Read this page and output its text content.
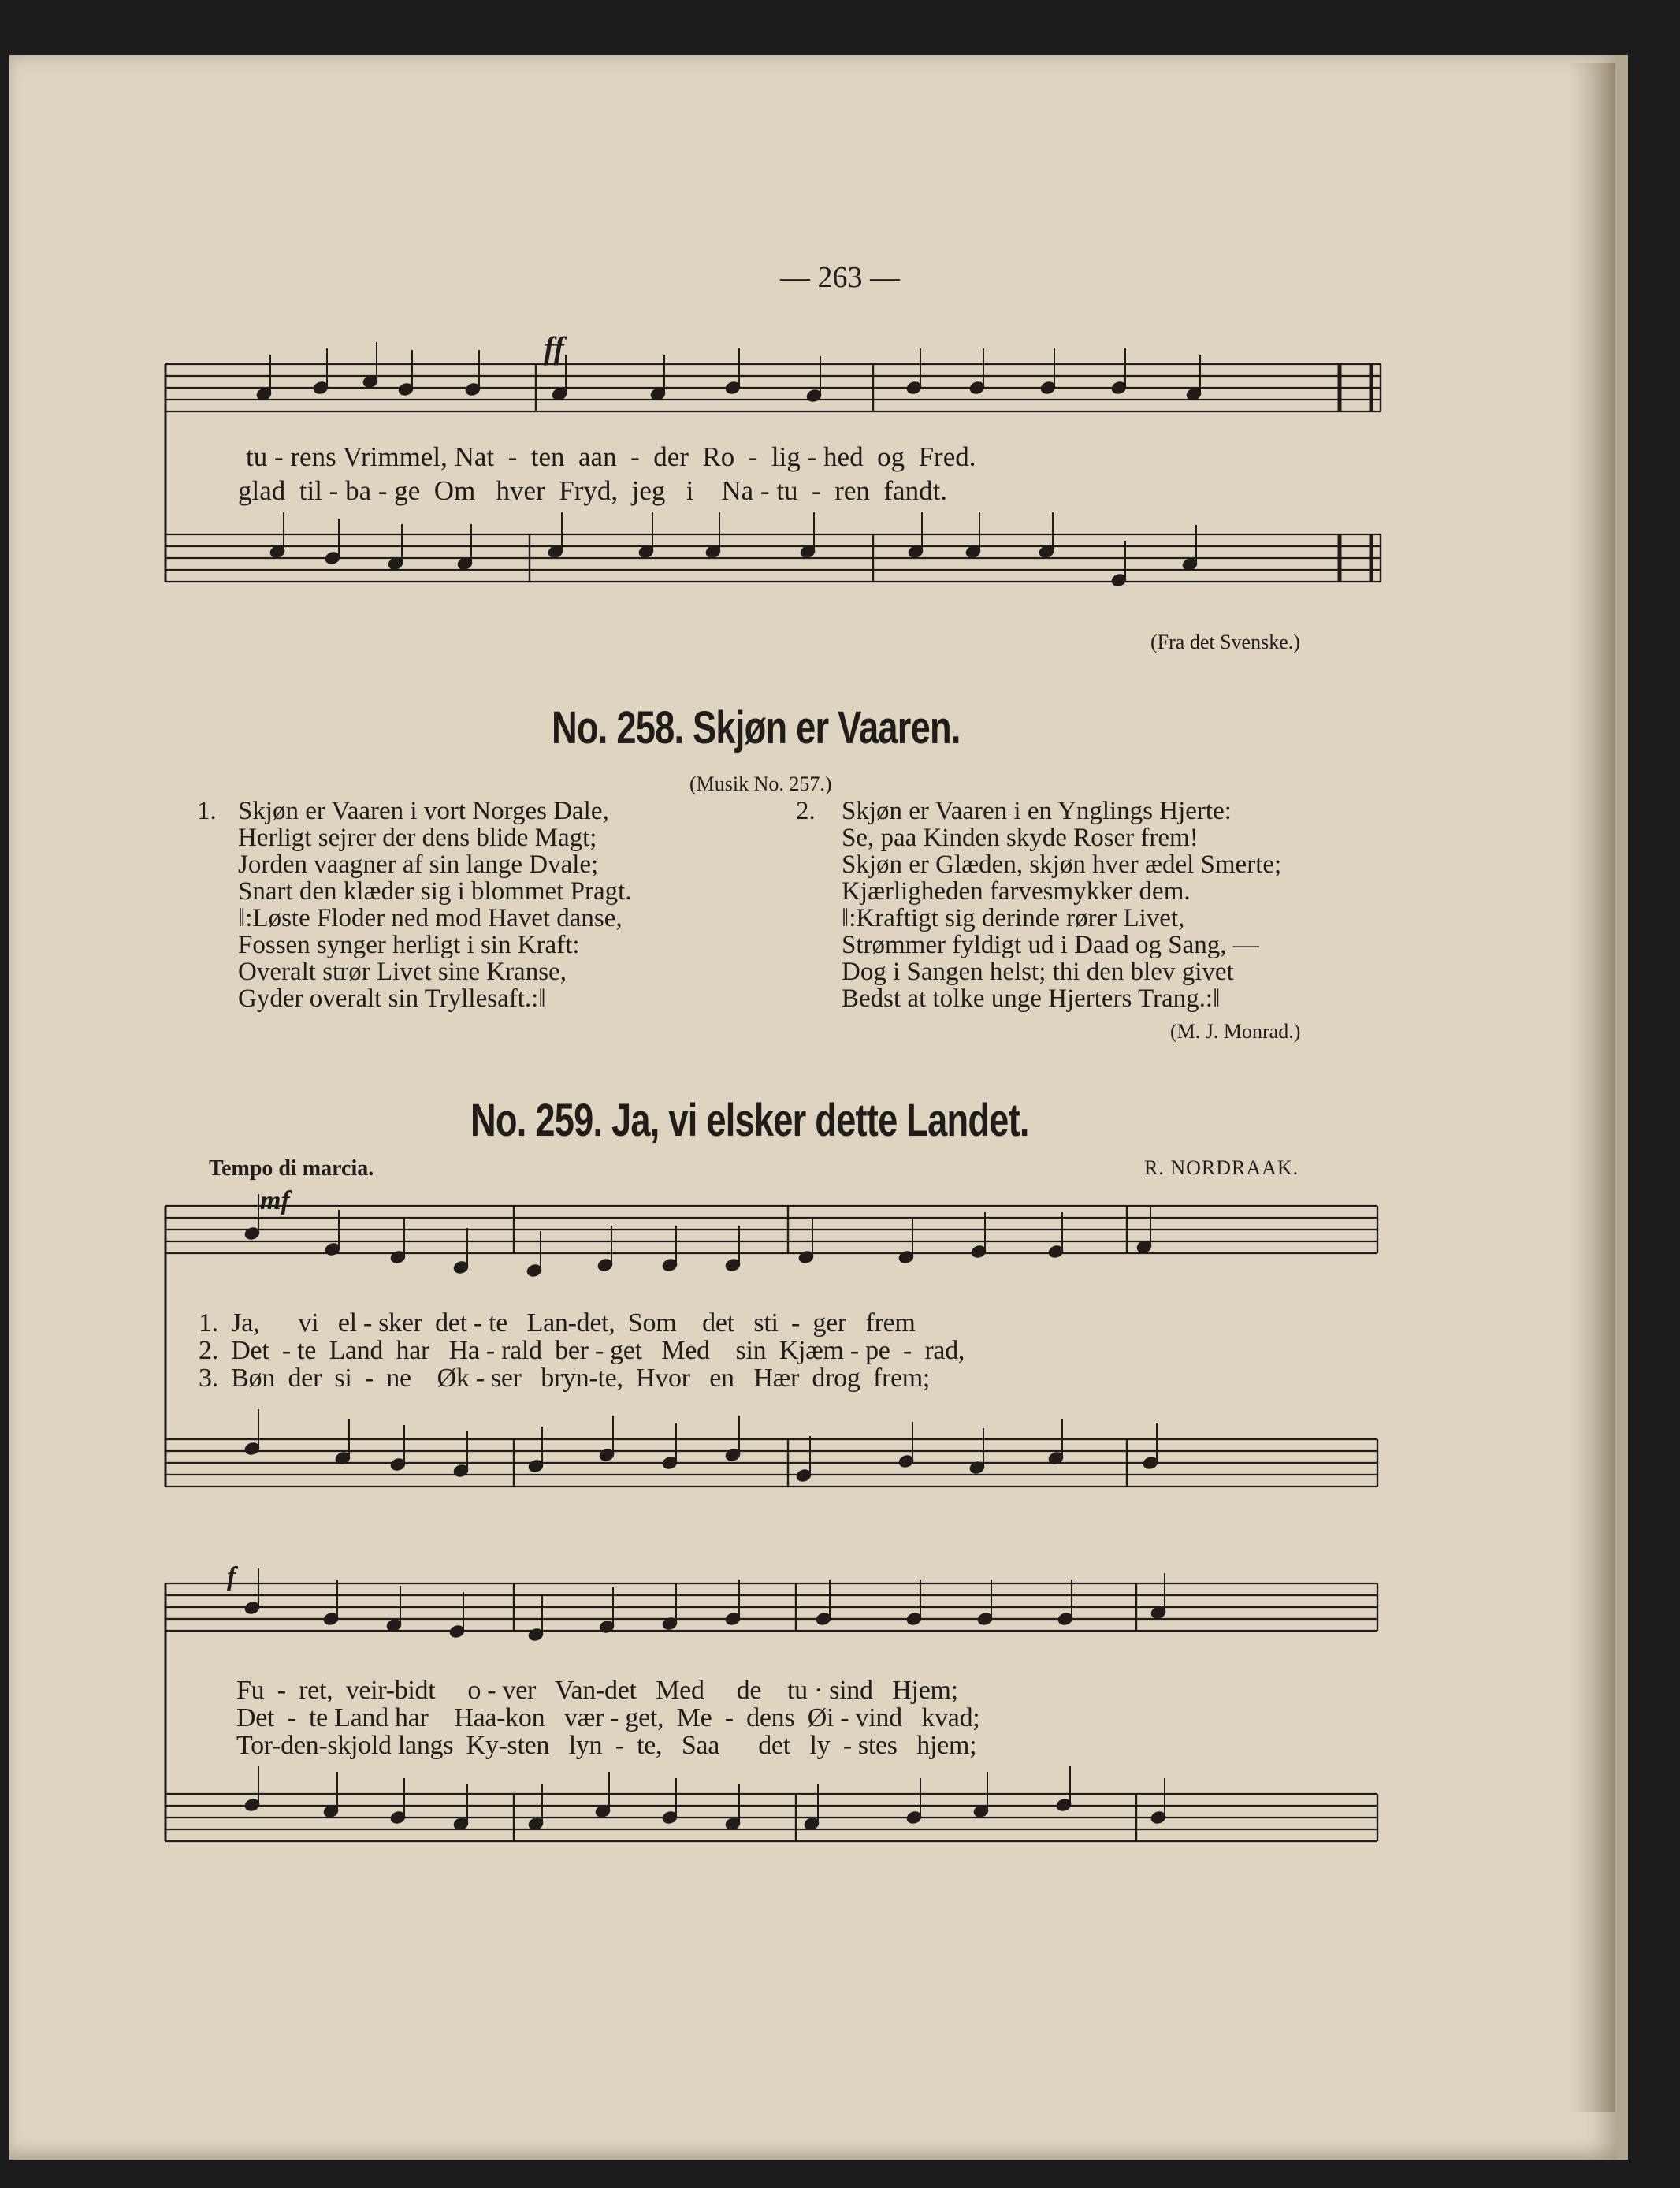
— 263 —
ff
tu - rens Vrimmel, Nat  -  ten  aan  -  der  Ro  -  lig - hed  og  Fred.
glad  til - ba - ge  Om   hver  Fryd,  jeg   i    Na - tu  -  ren  fandt.
(Fra det Svenske.)
No. 258. Skjøn er Vaaren.
(Musik No. 257.)
1. Skjøn er Vaaren i vort Norges Dale,
Herligt sejrer der dens blide Magt;
Jorden vaagner af sin lange Dvale;
Snart den klæder sig i blommet Pragt.
‖:Løste Floder ned mod Havet danse,
Fossen synger herligt i sin Kraft:
Overalt strør Livet sine Kranse,
Gyder overalt sin Tryllesaft.:‖
2. Skjøn er Vaaren i en Ynglings Hjerte:
Se, paa Kinden skyde Roser frem!
Skjøn er Glæden, skjøn hver ædel Smerte;
Kjærligheden farvesmykker dem.
‖:Kraftigt sig derinde rører Livet,
Strømmer fyldigt ud i Daad og Sang, —
Dog i Sangen helst; thi den blev givet
Bedst at tolke unge Hjerters Trang.:‖
(M. J. Monrad.)
No. 259. Ja, vi elsker dette Landet.
Tempo di marcia.	R. NORDRAAK.
mf
f
1.  Ja,      vi   el - sker  det - te   Lan-det,  Som    det   sti  -  ger   frem
2.  Det  - te  Land  har   Ha - rald  ber - get   Med    sin  Kjæm - pe  -  rad,
3.  Bøn  der  si  -  ne    Øk - ser   bryn-te,  Hvor   en   Hær  drog  frem;
Fu  -  ret,  veir-bidt     o - ver   Van-det   Med     de    tu · sind   Hjem;
Det  -  te Land har    Haa-kon   vær - get,  Me  -  dens  Øi - vind   kvad;
Tor-den-skjold langs  Ky-sten   lyn  -  te,   Saa      det   ly  - stes   hjem;
